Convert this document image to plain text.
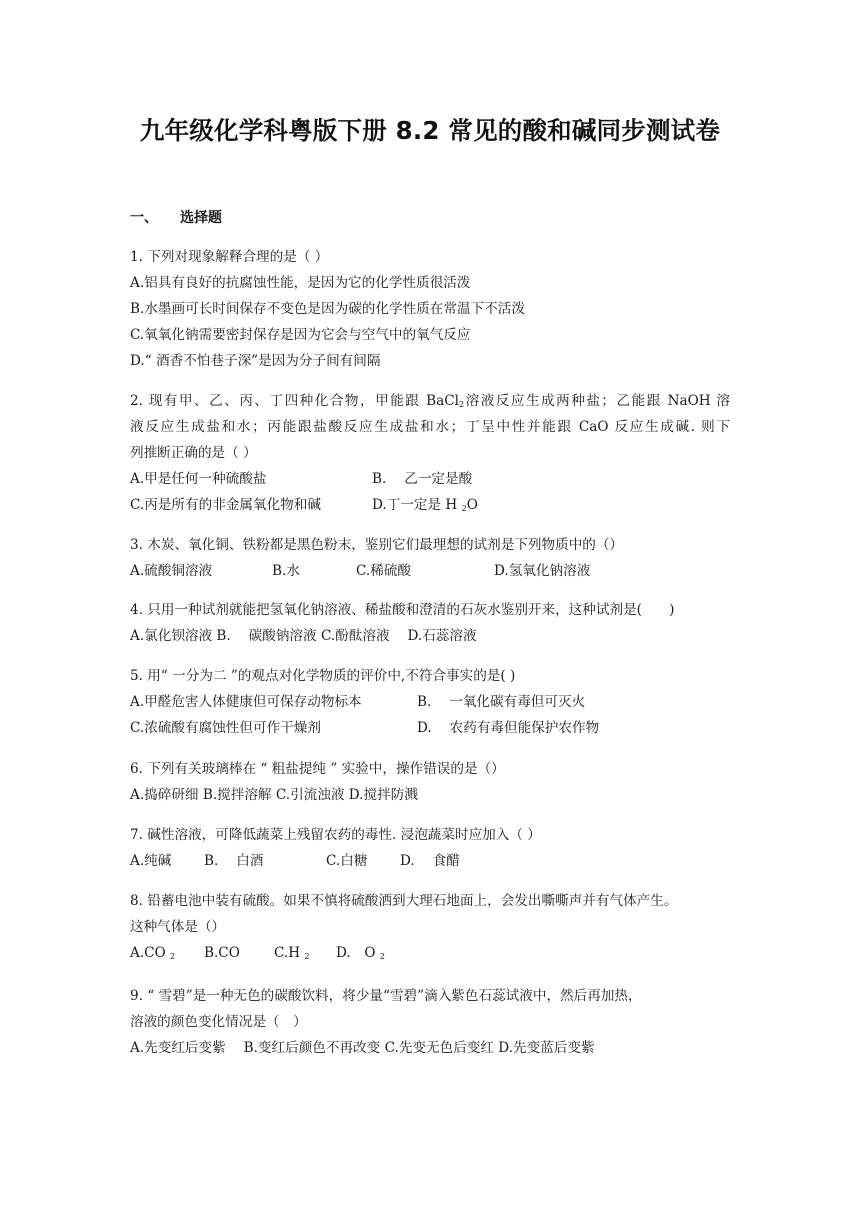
九年级化学科粤版下册 8.2 常见的酸和碱同步测试卷
一、 选择题
1. 下列对现象解释合理的是（ ）
A.铝具有良好的抗腐蚀性能，是因为它的化学性质很活泼
B.水墨画可长时间保存不变色是因为碳的化学性质在常温下不活泼
C.氧氧化钠需要密封保存是因为它会与空气中的氧气反应
D.“ 酒香不怕巷子深”是因为分子间有间隔
2. 现有甲、乙、丙、丁四种化合物，甲能跟 BaCl$_2$溶液反应生成两种盐；乙能跟 NaOH 溶
液反应生成盐和水；丙能跟盐酸反应生成盐和水；丁呈中性并能跟 CaO 反应生成碱. 则下
列推断正确的是（ ）
A.甲是任何一种硫酸盐	B.　 乙一定是酸
C.丙是所有的非金属氧化物和碱	D.丁一定是 H $_2$O
3. 木炭、氧化铜、铁粉都是黑色粉末，鉴别它们最理想的试剂是下列物质中的（）
A.硫酸铜溶液	B.水	C.稀硫酸	D.氢氧化钠溶液
4. 只用一种试剂就能把氢氧化钠溶液、稀盐酸和澄清的石灰水鉴别开来，这种试剂是(　　)
A.氯化钡溶液 B.　 碳酸钠溶液 C.酚酞溶液　 D.石蕊溶液
5. 用“ 一分为二 ”的观点对化学物质的评价中,不符合事实的是( )
A.甲醛危害人体健康但可保存动物标本	B.　 一氧化碳有毒但可灭火
C.浓硫酸有腐蚀性但可作干燥剂	D.　 农药有毒但能保护农作物
6. 下列有关玻璃棒在 “ 粗盐提纯 ” 实验中，操作错误的是（）
A.捣碎研细 B.搅拌溶解 C.引流浊液 D.搅拌防溅
7. 碱性溶液，可降低蔬菜上残留农药的毒性. 浸泡蔬菜时应加入（ ）
A.纯碱 B.　 白酒	C.白糖 D.　 食醋
8. 铅蓄电池中装有硫酸。如果不慎将硫酸洒到大理石地面上，会发出嘶嘶声并有气体产生。
这种气体是（）
A.CO $_2$ B.CO	C.H $_2$ D.　O $_2$
9. “ 雪碧”是一种无色的碳酸饮料，将少量“雪碧”滴入紫色石蕊试液中，然后再加热，
溶液的颜色变化情况是（　）
A.先变红后变紫　 B.变红后颜色不再改变 C.先变无色后变红 D.先变蓝后变紫
